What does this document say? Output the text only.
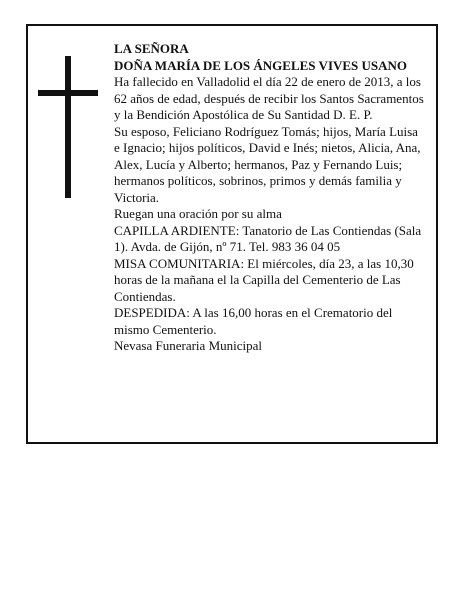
LA SEÑORA

DOÑA MARÍA DE LOS ÁNGELES VIVES USANO

Ha fallecido en Valladolid el día 22 de enero de 2013, a los 62 años de edad, después de recibir los Santos Sacramentos y la Bendición Apostólica de Su Santidad D. E. P.

Su esposo, Feliciano Rodríguez Tomás; hijos, María Luisa e Ignacio; hijos políticos, David e Inés; nietos, Alicia, Ana, Alex, Lucía y Alberto; hermanos, Paz y Fernando Luis; hermanos políticos, sobrinos, primos y demás familia y Victoria.

Ruegan una oración por su alma

CAPILLA ARDIENTE: Tanatorio de Las Contiendas (Sala 1). Avda. de Gijón, nº 71. Tel. 983 36 04 05

MISA COMUNITARIA: El miércoles, día 23, a las 10,30 horas de la mañana el la Capilla del Cementerio de Las Contiendas.

DESPEDIDA: A las 16,00 horas en el Crematorio del mismo Cementerio.

Nevasa Funeraria Municipal
